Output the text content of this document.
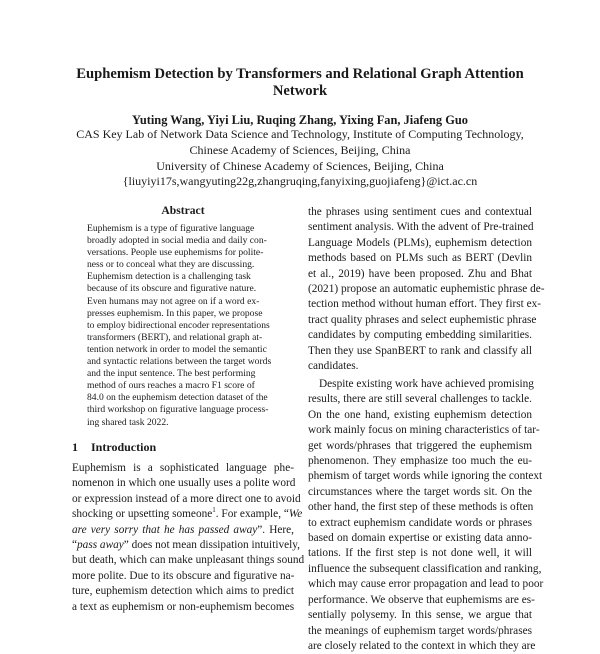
Euphemism Detection by Transformers and Relational Graph Attention
Network
Yuting Wang, Yiyi Liu, Ruqing Zhang, Yixing Fan, Jiafeng Guo
CAS Key Lab of Network Data Science and Technology, Institute of Computing Technology,
Chinese Academy of Sciences, Beijing, China
University of Chinese Academy of Sciences, Beijing, China
{liuyiyi17s,wangyuting22g,zhangruqing,fanyixing,guojiafeng}@ict.ac.cn
Abstract
Euphemism is a type of figurative language
broadly adopted in social media and daily con-
versations. People use euphemisms for polite-
ness or to conceal what they are discussing.
Euphemism detection is a challenging task
because of its obscure and figurative nature.
Even humans may not agree on if a word ex-
presses euphemism. In this paper, we propose
to employ bidirectional encoder representations
transformers (BERT), and relational graph at-
tention network in order to model the semantic
and syntactic relations between the target words
and the input sentence. The best performing
method of ours reaches a macro F1 score of
84.0 on the euphemism detection dataset of the
third workshop on figurative language process-
ing shared task 2022.
1 Introduction
Euphemism is a sophisticated language phe-
nomenon in which one usually uses a polite word
or expression instead of a more direct one to avoid
shocking or upsetting someone$^1$. For example, “We
are very sorry that he has passed away”. Here,
“pass away” does not mean dissipation intuitively,
but death, which can make unpleasant things sound
more polite. Due to its obscure and figurative na-
ture, euphemism detection which aims to predict
a text as euphemism or non-euphemism becomes
the phrases using sentiment cues and contextual
sentiment analysis. With the advent of Pre-trained
Language Models (PLMs), euphemism detection
methods based on PLMs such as BERT (Devlin
et al., 2019) have been proposed. Zhu and Bhat
(2021) propose an automatic euphemistic phrase de-
tection method without human effort. They first ex-
tract quality phrases and select euphemistic phrase
candidates by computing embedding similarities.
Then they use SpanBERT to rank and classify all
candidates.
Despite existing work have achieved promising
results, there are still several challenges to tackle.
On the one hand, existing euphemism detection
work mainly focus on mining characteristics of tar-
get words/phrases that triggered the euphemism
phenomenon. They emphasize too much the eu-
phemism of target words while ignoring the context
circumstances where the target words sit. On the
other hand, the first step of these methods is often
to extract euphemism candidate words or phrases
based on domain expertise or existing data anno-
tations. If the first step is not done well, it will
influence the subsequent classification and ranking,
which may cause error propagation and lead to poor
performance. We observe that euphemisms are es-
sentially polysemy. In this sense, we argue that
the meanings of euphemism target words/phrases
are closely related to the context in which they are
